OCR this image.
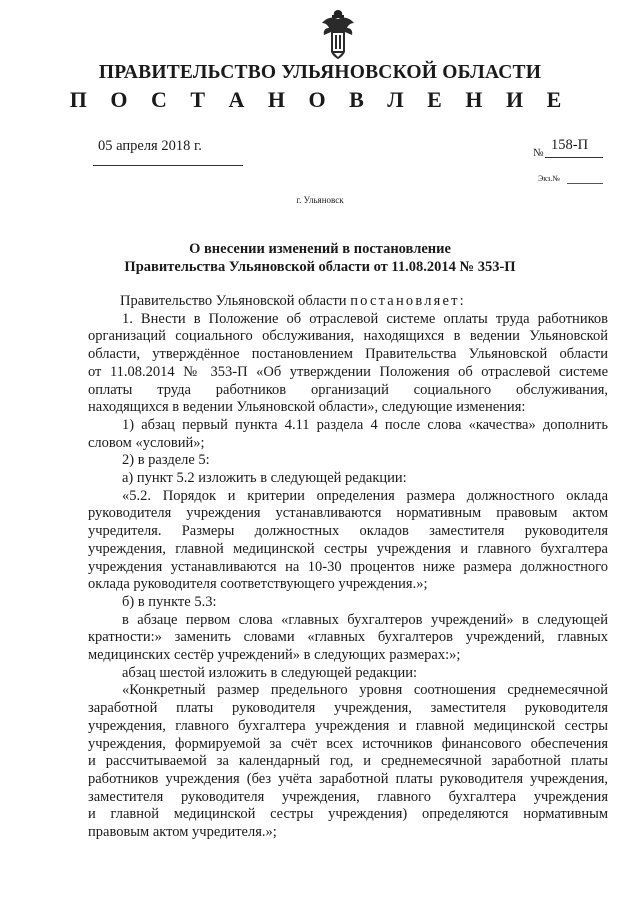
ПРАВИТЕЛЬСТВО УЛЬЯНОВСКОЙ ОБЛАСТИ
П О С Т А Н О В Л Е Н И Е
05 апреля 2018 г.	№ 158-П
Экз.№
г. Ульяновск
О внесении изменений в постановление
Правительства Ульяновской области от 11.08.2014 № 353-П
Правительство Ульяновской области постановляет:
1. Внести в Положение об отраслевой системе оплаты труда работников
организаций социального обслуживания, находящихся в ведении Ульяновской
области, утверждённое постановлением Правительства Ульяновской области
от 11.08.2014 № 353-П «Об утверждении Положения об отраслевой системе
оплаты труда работников организаций социального обслуживания,
находящихся в ведении Ульяновской области», следующие изменения:
1) абзац первый пункта 4.11 раздела 4 после слова «качества» дополнить
словом «условий»;
2) в разделе 5:
а) пункт 5.2 изложить в следующей редакции:
«5.2. Порядок и критерии определения размера должностного оклада
руководителя учреждения устанавливаются нормативным правовым актом
учредителя. Размеры должностных окладов заместителя руководителя
учреждения, главной медицинской сестры учреждения и главного бухгалтера
учреждения устанавливаются на 10-30 процентов ниже размера должностного
оклада руководителя соответствующего учреждения.»;
б) в пункте 5.3:
в абзаце первом слова «главных бухгалтеров учреждений» в следующей
кратности:» заменить словами «главных бухгалтеров учреждений, главных
медицинских сестёр учреждений» в следующих размерах:»;
абзац шестой изложить в следующей редакции:
«Конкретный размер предельного уровня соотношения среднемесячной
заработной платы руководителя учреждения, заместителя руководителя
учреждения, главного бухгалтера учреждения и главной медицинской сестры
учреждения, формируемой за счёт всех источников финансового обеспечения
и рассчитываемой за календарный год, и среднемесячной заработной платы
работников учреждения (без учёта заработной платы руководителя учреждения,
заместителя руководителя учреждения, главного бухгалтера учреждения
и главной медицинской сестры учреждения) определяются нормативным
правовым актом учредителя.»;
